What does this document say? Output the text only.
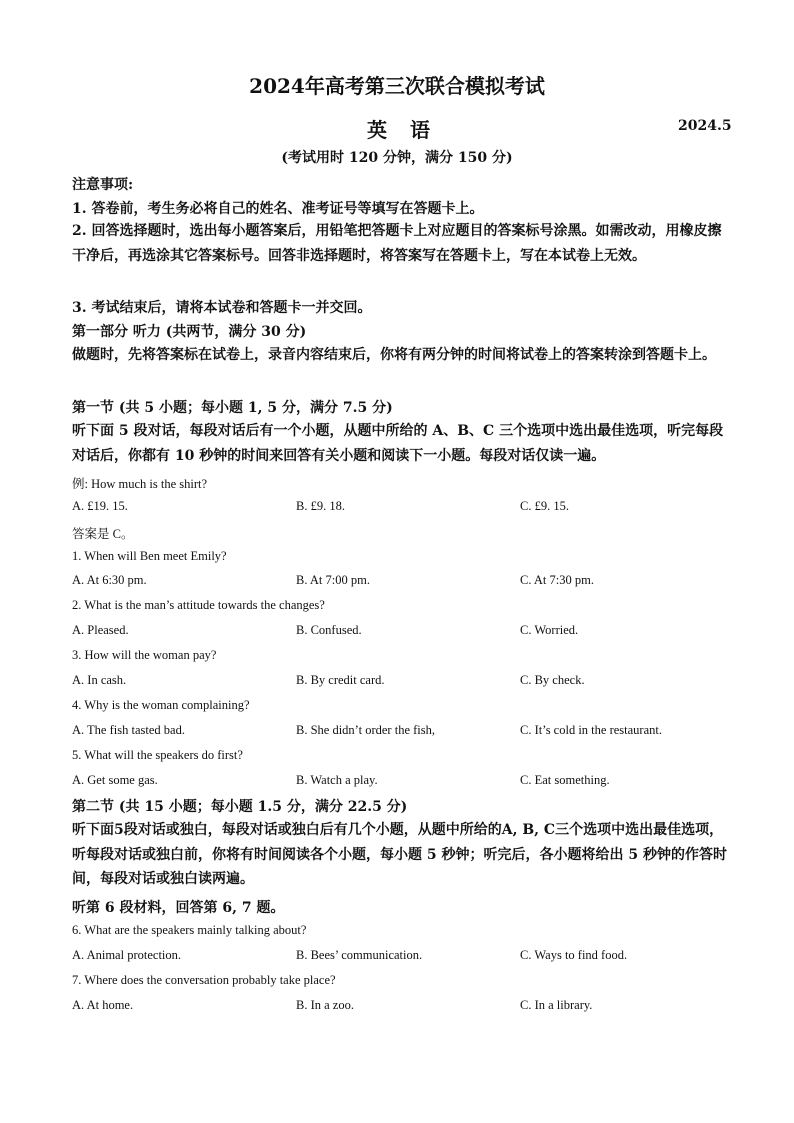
2024年高考第三次联合模拟考试
英 语	2024.5
(考试用时 120 分钟，满分 150 分)
注意事项:
1. 答卷前，考生务必将自己的姓名、准考证号等填写在答题卡上。
2. 回答选择题时，选出每小题答案后，用铅笔把答题卡上对应题目的答案标号涂黑。如需改动，用橡皮擦干净后，再选涂其它答案标号。回答非选择题时，将答案写在答题卡上，写在本试卷上无效。
3. 考试结束后，请将本试卷和答题卡一并交回。
第一部分 听力 (共两节，满分 30 分)
做题时，先将答案标在试卷上，录音内容结束后，你将有两分钟的时间将试卷上的答案转涂到答题卡上。
第一节 (共 5 小题；每小题 1, 5 分，满分 7.5 分)
听下面 5 段对话，每段对话后有一个小题，从题中所给的 A、B、C 三个选项中选出最佳选项，听完每段对话后，你都有 10 秒钟的时间来回答有关小题和阅读下一小题。每段对话仅读一遍。
例: How much is the shirt?
A. £19. 15.	B. £9. 18.	C. £9. 15.
答案是 C。
1. When will Ben meet Emily?
A. At 6:30 pm.	B. At 7:00 pm.	C. At 7:30 pm.
2. What is the man’s attitude towards the changes?
A. Pleased.	B. Confused.	C. Worried.
3. How will the woman pay?
A. In cash.	B. By credit card.	C. By check.
4. Why is the woman complaining?
A. The fish tasted bad.	B. She didn’t order the fish,	C. It’s cold in the restaurant.
5. What will the speakers do first?
A. Get some gas.	B. Watch a play.	C. Eat something.
第二节 (共 15 小题；每小题 1.5 分，满分 22.5 分)
听下面5段对话或独白，每段对话或独白后有几个小题，从题中所给的A, B, C三个选项中选出最佳选项，听每段对话或独白前，你将有时间阅读各个小题，每小题 5 秒钟；听完后，各小题将给出 5 秒钟的作答时间，每段对话或独白读两遍。
听第 6 段材料，回答第 6, 7 题。
6. What are the speakers mainly talking about?
A. Animal protection.	B. Bees’ communication.	C. Ways to find food.
7. Where does the conversation probably take place?
A. At home.	B. In a zoo.	C. In a library.
